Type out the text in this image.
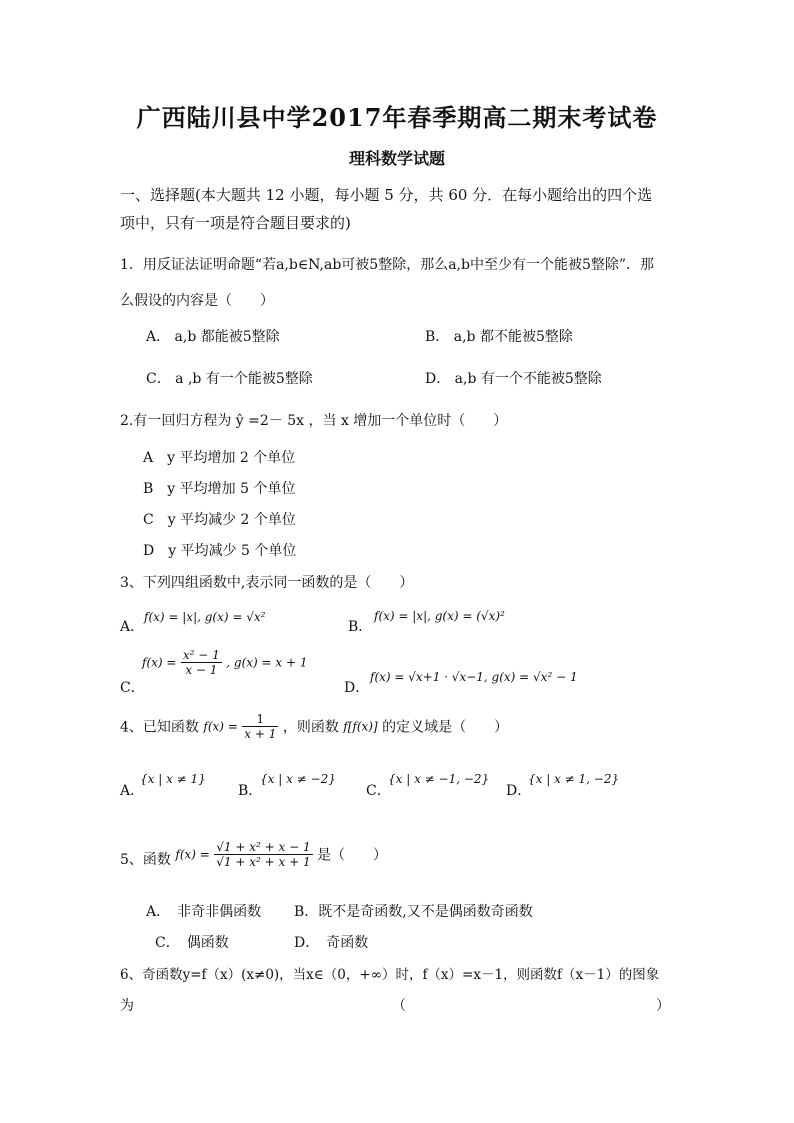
广西陆川县中学2017年春季期高二期末考试卷
理科数学试题
一、选择题(本大题共 12 小题，每小题 5 分，共 60 分．在每小题给出的四个选
项中，只有一项是符合题目要求的)
1．用反证法证明命题“若a,b∈N,ab可被5整除，那么a,b中至少有一个能被5整除”．那
么假设的内容是（　　）
A． a,b 都能被5整除	B． a,b 都不能被5整除
C． a ,b 有一个能被5整除	D． a,b 有一个不能被5整除
2.有一回归方程为 ŷ =2－ 5x ，当 x 增加一个单位时（　　）
A　y 平均增加 2 个单位
B　y 平均增加 5 个单位
C　y 平均减少 2 个单位
D　y 平均减少 5 个单位
3、下列四组函数中,表示同一函数的是（　　）
A．
f(x) = |x|, g(x) = √x²
B．
f(x) = |x|, g(x) = (√x)²
C．
$f(x) = \frac{\text{x² − 1}}{x - 1}$ , g(x) = x + 1
D．
f(x) = √x+1 · √x−1, g(x) = √x² − 1
4、已知函数 $f(x) = \frac{1}{x + 1}$ ，则函数 f[f(x)] 的定义域是（　　）
A．
{x | x ≠ 1}
B．
{x | x ≠ −2}
C．
{x | x ≠ −1, −2}
D．
{x | x ≠ 1, −2}
5、函数 $f(x) = \frac{\text{√1 + x² + x − 1}}{\text{√1 + x² + x + 1}}$ 是（　　）
A．　非奇非偶函数 B．既不是奇函数,又不是偶函数奇函数
C．　偶函数	D．　奇函数
6、奇函数y=f（x）(x≠0)，当x∈（0，+∞）时，f（x）=x－1，则函数f（x－1）的图象
为	（	）
